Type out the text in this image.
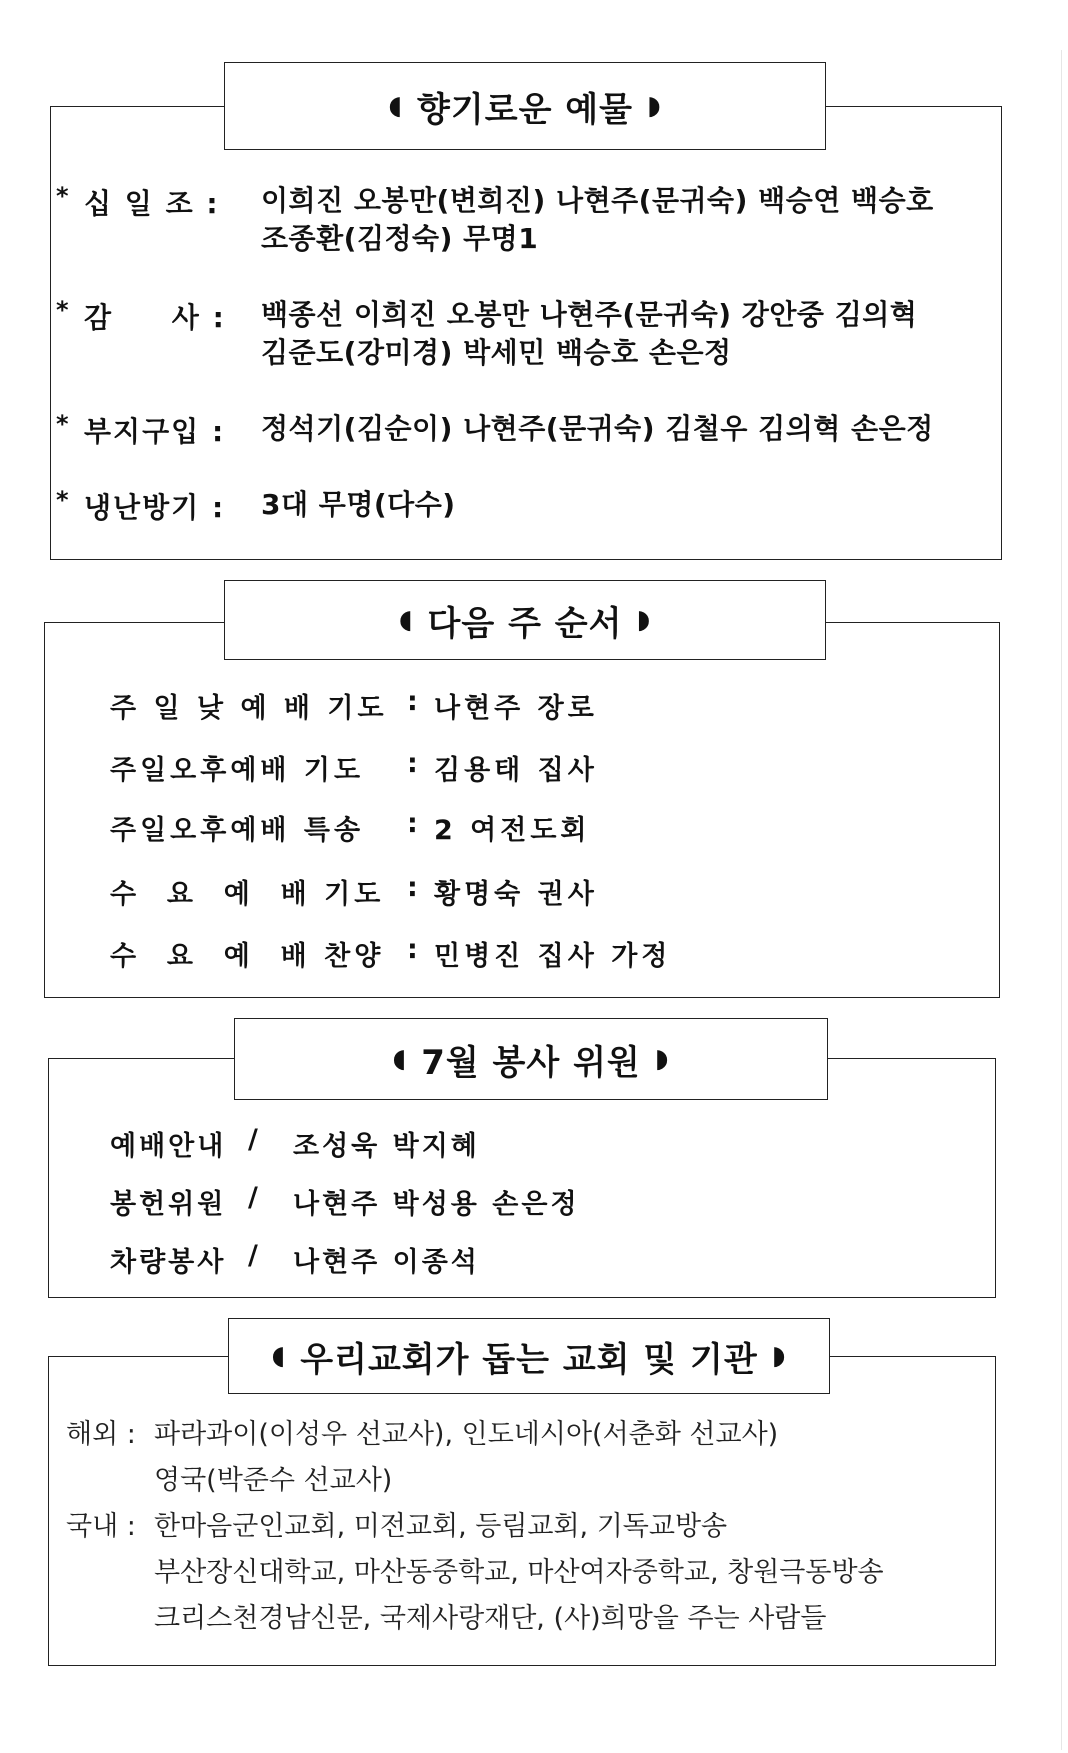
◖ 향기로운 예물 ◗
* 십 일 조 : 이희진 오봉만(변희진) 나현주(문귀숙) 백승연 백승호
조종환(김정숙) 무명1
* 감     사 : 백종선 이희진 오봉만 나현주(문귀숙) 강안중 김의혁
김준도(강미경) 박세민 백승호 손은정
* 부지구입 : 정석기(김순이) 나현주(문귀숙) 김철우 김의혁 손은정
* 냉난방기 : 3대 무명(다수)
◖ 다음 주 순서 ◗
주 일 낮 예 배 기도 : 나현주 장로
주일오후예배 기도 : 김용태 집사
주일오후예배 특송 : 2 여전도회
수  요  예  배 기도 : 황명숙 권사
수  요  예  배 찬양 : 민병진 집사 가정
◖ 7월 봉사 위원 ◗
예배안내 / 조성욱 박지혜
봉헌위원 / 나현주 박성용 손은정
차량봉사 / 나현주 이종석
◖ 우리교회가 돕는 교회 및 기관 ◗
해외 : 파라과이(이성우 선교사), 인도네시아(서춘화 선교사)
영국(박준수 선교사)
국내 : 한마음군인교회, 미전교회, 등림교회, 기독교방송
부산장신대학교, 마산동중학교, 마산여자중학교, 창원극동방송
크리스천경남신문, 국제사랑재단, (사)희망을 주는 사람들
